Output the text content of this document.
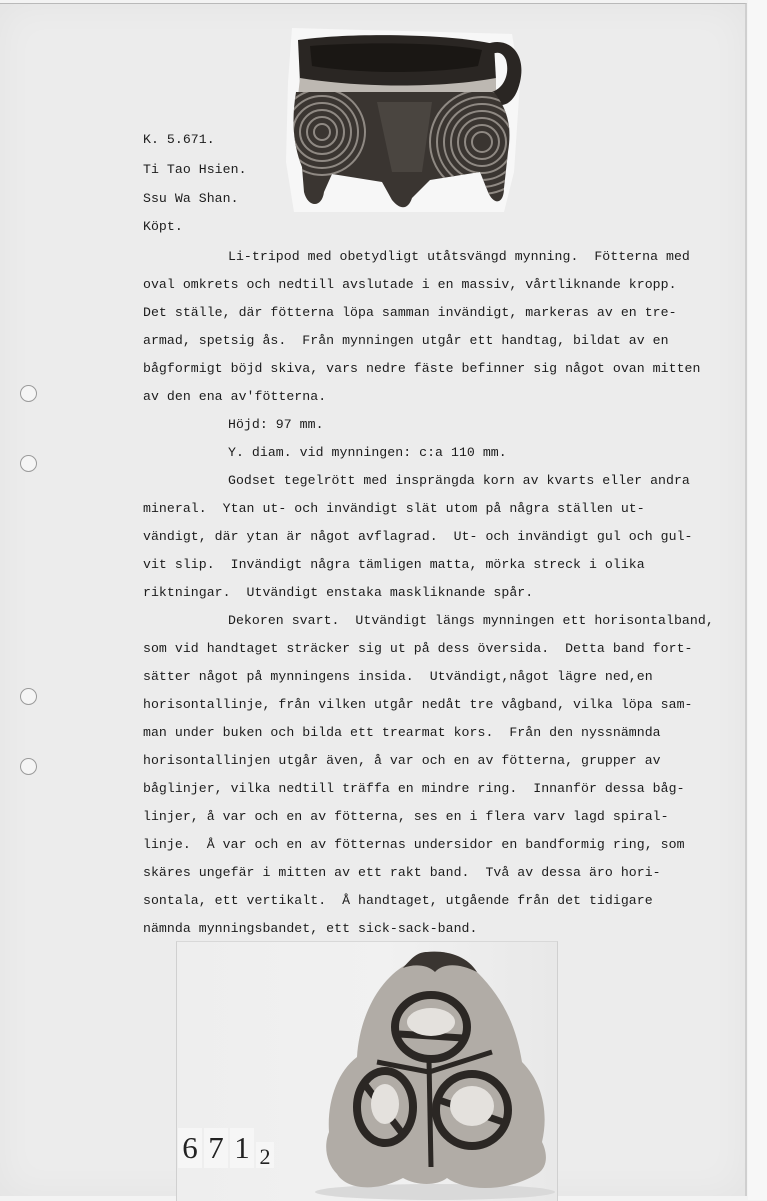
K. 5.671.
Ti Tao Hsien.
Ssu Wa Shan.
Köpt.
Li-tripod med obetydligt utåtsvängd mynning.  Fötterna med
oval omkrets och nedtill avslutade i en massiv, vårtliknande kropp.
Det ställe, där fötterna löpa samman invändigt, markeras av en tre-
armad, spetsig ås.  Från mynningen utgår ett handtag, bildat av en
bågformigt böjd skiva, vars nedre fäste befinner sig något ovan mitten
av den ena av'fötterna.
Höjd: 97 mm.
Y. diam. vid mynningen: c:a 110 mm.
Godset tegelrött med insprängda korn av kvarts eller andra
mineral.  Ytan ut- och invändigt slät utom på några ställen ut-
vändigt, där ytan är något avflagrad.  Ut- och invändigt gul och gul-
vit slip.  Invändigt några tämligen matta, mörka streck i olika
riktningar.  Utvändigt enstaka maskliknande spår.
Dekoren svart.  Utvändigt längs mynningen ett horisontalband,
som vid handtaget sträcker sig ut på dess översida.  Detta band fort-
sätter något på mynningens insida.  Utvändigt,något lägre ned,en
horisontallinje, från vilken utgår nedåt tre vågband, vilka löpa sam-
man under buken och bilda ett trearmat kors.  Från den nyssnämnda
horisontallinjen utgår även, å var och en av fötterna, grupper av
båglinjer, vilka nedtill träffa en mindre ring.  Innanför dessa båg-
linjer, å var och en av fötterna, ses en i flera varv lagd spiral-
linje.  Å var och en av fötternas undersidor en bandformig ring, som
skäres ungefär i mitten av ett rakt band.  Två av dessa äro hori-
sontala, ett vertikalt.  Å handtaget, utgående från det tidigare
nämnda mynningsbandet, ett sick-sack-band.
6 7 1 2
